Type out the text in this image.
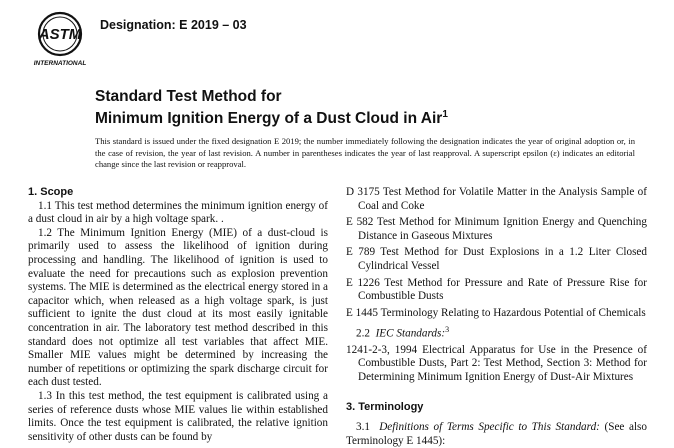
ASTM
INTERNATIONAL
Designation: E 2019 – 03
Standard Test Method for
Minimum Ignition Energy of a Dust Cloud in Air$^1$
This standard is issued under the fixed designation E 2019; the number immediately following the designation indicates the year of original adoption or, in the case of revision, the year of last revision. A number in parentheses indicates the year of last reapproval. A superscript epsilon (ε) indicates an editorial change since the last revision or reapproval.

1. Scope

1.1 This test method determines the minimum ignition energy of a dust cloud in air by a high voltage spark. .

1.2 The Minimum Ignition Energy (MIE) of a dust-cloud is primarily used to assess the likelihood of ignition during processing and handling. The likelihood of ignition is used to evaluate the need for precautions such as explosion prevention systems. The MIE is determined as the electrical energy stored in a capacitor which, when released as a high voltage spark, is just sufficient to ignite the dust cloud at its most easily ignitable concentration in air. The laboratory test method described in this standard does not optimize all test variables that affect MIE. Smaller MIE values might be determined by increasing the number of repetitions or optimizing the spark discharge circuit for each dust tested.

1.3 In this test method, the test equipment is calibrated using a series of reference dusts whose MIE values lie within established limits. Once the test equipment is calibrated, the relative ignition sensitivity of other dusts can be found by

D 3175 Test Method for Volatile Matter in the Analysis Sample of Coal and Coke

E 582 Test Method for Minimum Ignition Energy and Quenching Distance in Gaseous Mixtures

E 789 Test Method for Dust Explosions in a 1.2 Liter Closed Cylindrical Vessel

E 1226 Test Method for Pressure and Rate of Pressure Rise for Combustible Dusts

E 1445 Terminology Relating to Hazardous Potential of Chemicals

2.2 IEC Standards:$^3$

1241-2-3, 1994 Electrical Apparatus for Use in the Presence of Combustible Dusts, Part 2: Test Method, Section 3: Method for Determining Minimum Ignition Energy of Dust-Air Mixtures

3. Terminology

3.1 Definitions of Terms Specific to This Standard: (See also Terminology E 1445):
